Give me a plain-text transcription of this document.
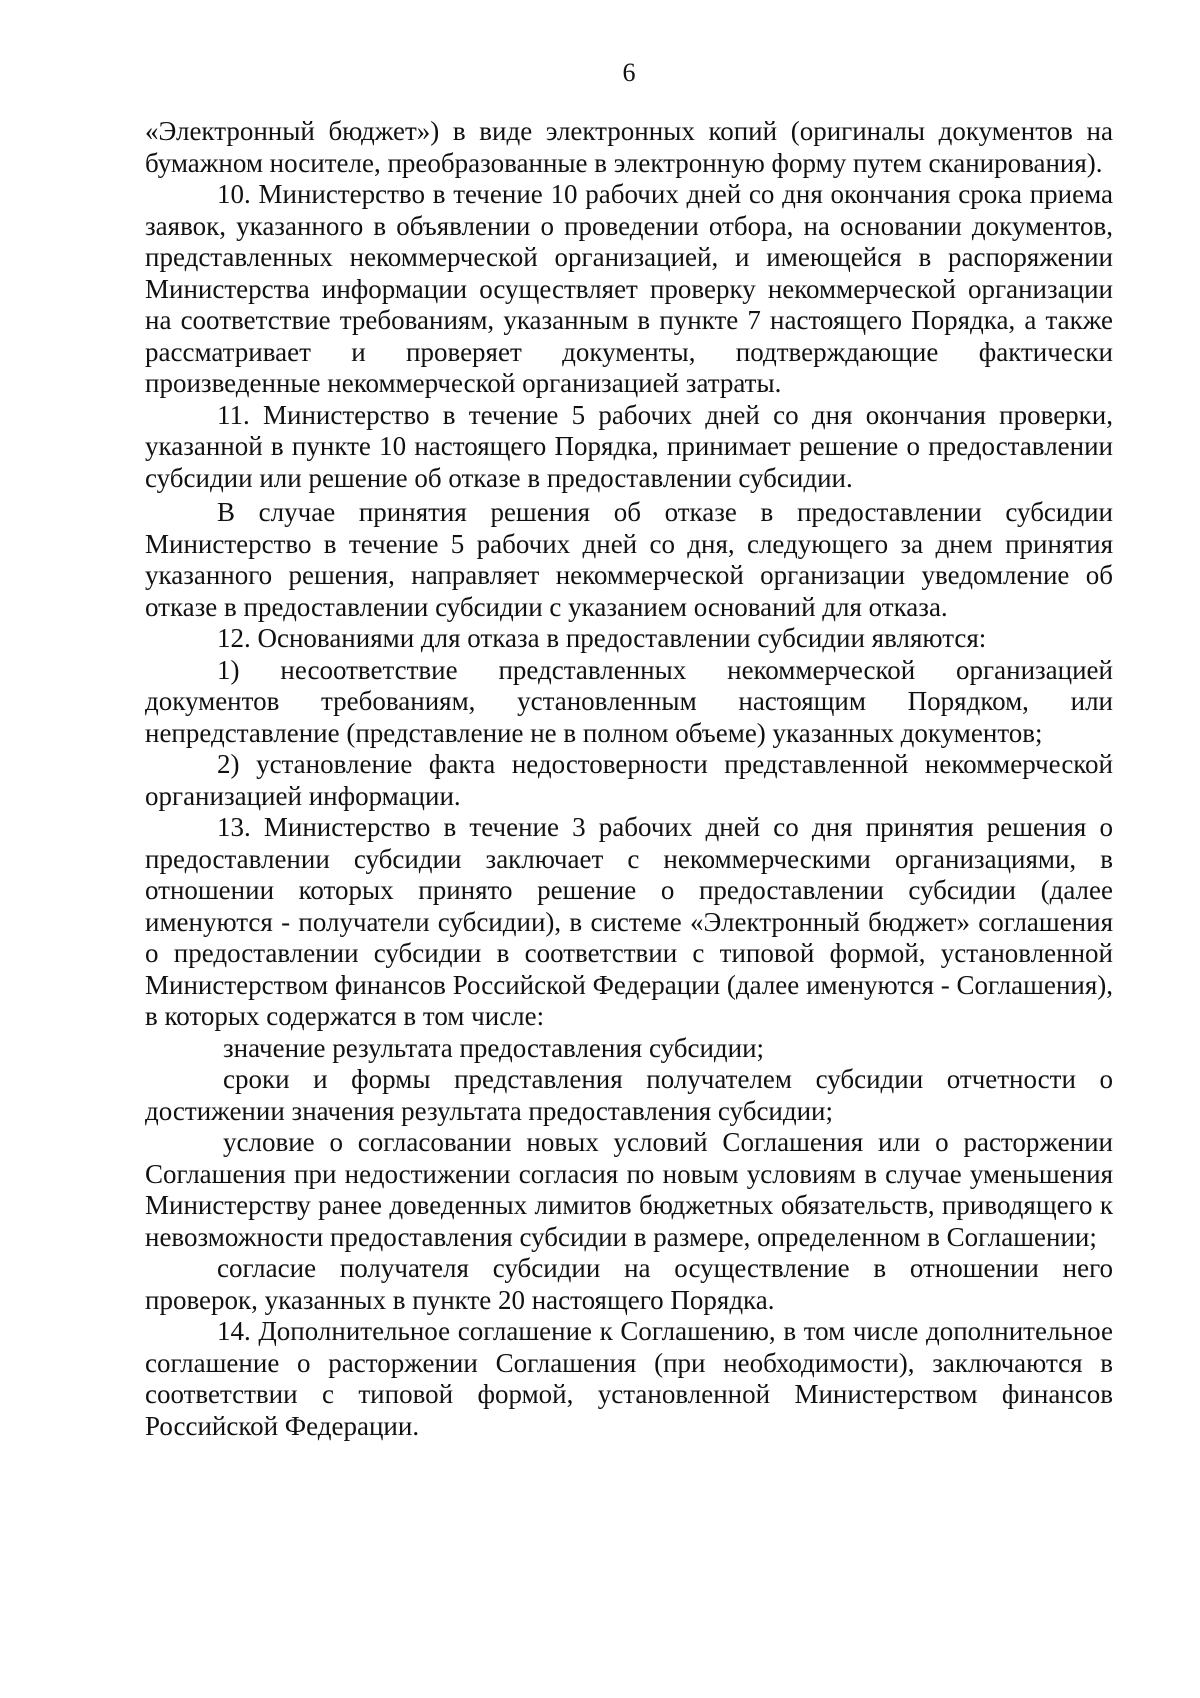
6

«Электронный бюджет») в виде электронных копий (оригиналы документов на бумажном носителе, преобразованные в электронную форму путем сканирования).

10. Министерство в течение 10 рабочих дней со дня окончания срока приема заявок, указанного в объявлении о проведении отбора, на основании документов, представленных некоммерческой организацией, и имеющейся в распоряжении Министерства информации осуществляет проверку некоммерческой организации на соответствие требованиям, указанным в пункте 7 настоящего Порядка, а также рассматривает и проверяет документы, подтверждающие фактически произведенные некоммерческой организацией затраты.

11. Министерство в течение 5 рабочих дней со дня окончания проверки, указанной в пункте 10 настоящего Порядка, принимает решение о предоставлении субсидии или решение об отказе в предоставлении субсидии.

В случае принятия решения об отказе в предоставлении субсидии Министерство в течение 5 рабочих дней со дня, следующего за днем принятия указанного решения, направляет некоммерческой организации уведомление об отказе в предоставлении субсидии с указанием оснований для отказа.

12. Основаниями для отказа в предоставлении субсидии являются:

1) несоответствие представленных некоммерческой организацией документов требованиям, установленным настоящим Порядком, или непредставление (представление не в полном объеме) указанных документов;

2) установление факта недостоверности представленной некоммерческой организацией информации.

13. Министерство в течение 3 рабочих дней со дня принятия решения о предоставлении субсидии заключает с некоммерческими организациями, в отношении которых принято решение о предоставлении субсидии (далее именуются - получатели субсидии), в системе «Электронный бюджет» соглашения о предоставлении субсидии в соответствии с типовой формой, установленной Министерством финансов Российской Федерации (далее именуются - Соглашения), в которых содержатся в том числе:

значение результата предоставления субсидии;

сроки и формы представления получателем субсидии отчетности о достижении значения результата предоставления субсидии;

условие о согласовании новых условий Соглашения или о расторжении Соглашения при недостижении согласия по новым условиям в случае уменьшения Министерству ранее доведенных лимитов бюджетных обязательств, приводящего к невозможности предоставления субсидии в размере, определенном в Соглашении;

согласие получателя субсидии на осуществление в отношении него проверок, указанных в пункте 20 настоящего Порядка.

14. Дополнительное соглашение к Соглашению, в том числе дополнительное соглашение о расторжении Соглашения (при необходимости), заключаются в соответствии с типовой формой, установленной Министерством финансов Российской Федерации.
